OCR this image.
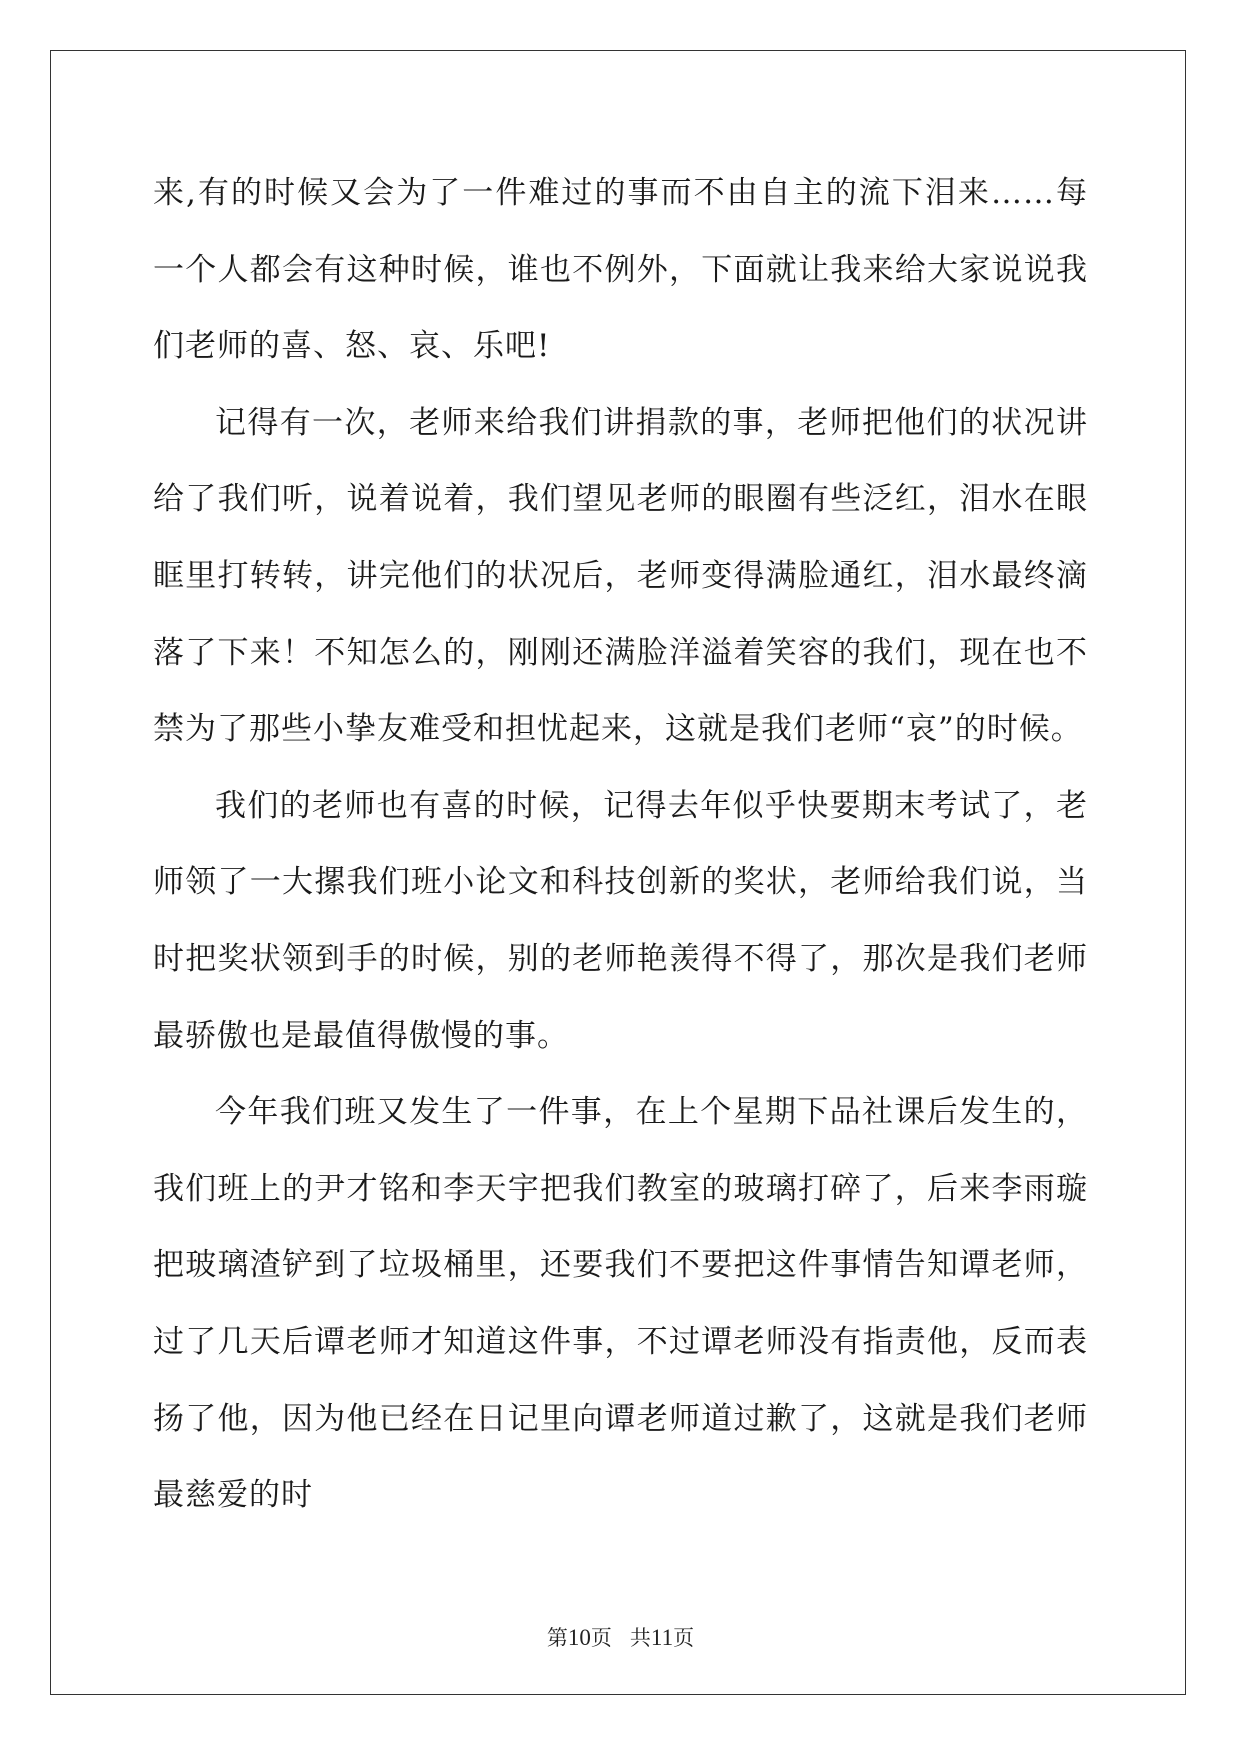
来,有的时候又会为了一件难过的事而不由自主的流下泪来……每一个人都会有这种时候，谁也不例外，下面就让我来给大家说说我们老师的喜、怒、哀、乐吧!

记得有一次，老师来给我们讲捐款的事，老师把他们的状况讲给了我们听，说着说着，我们望见老师的眼圈有些泛红，泪水在眼眶里打转转，讲完他们的状况后，老师变得满脸通红，泪水最终滴落了下来！不知怎么的，刚刚还满脸洋溢着笑容的我们，现在也不禁为了那些小挚友难受和担忧起来，这就是我们老师“哀”的时候。

我们的老师也有喜的时候，记得去年似乎快要期末考试了，老师领了一大摞我们班小论文和科技创新的奖状，老师给我们说，当时把奖状领到手的时候，别的老师艳羡得不得了，那次是我们老师最骄傲也是最值得傲慢的事。

今年我们班又发生了一件事，在上个星期下品社课后发生的，我们班上的尹才铭和李天宇把我们教室的玻璃打碎了，后来李雨璇把玻璃渣铲到了垃圾桶里，还要我们不要把这件事情告知谭老师，过了几天后谭老师才知道这件事，不过谭老师没有指责他，反而表扬了他，因为他已经在日记里向谭老师道过歉了，这就是我们老师最慈爱的时

第10页 共11页
